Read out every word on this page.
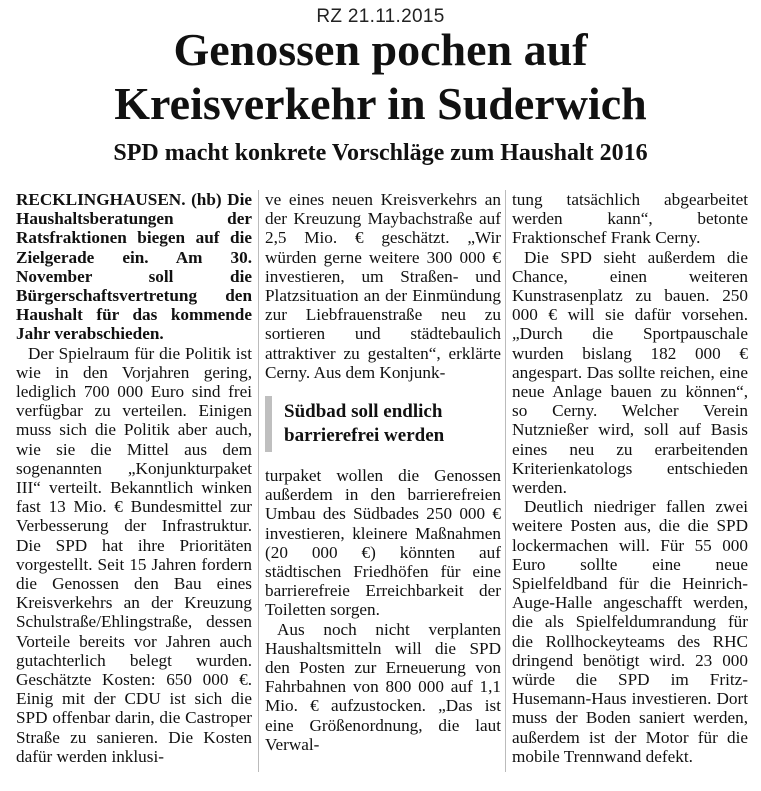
RZ 21.11.2015
Genossen pochen auf
Kreisverkehr in Suderwich
SPD macht konkrete Vorschläge zum Haushalt 2016

RECKLINGHAUSEN. (hb) Die Haushaltsberatungen der Ratsfraktionen biegen auf die Zielgerade ein. Am 30. November soll die Bürgerschaftsvertretung den Haushalt für das kommende Jahr verabschieden.

Der Spielraum für die Politik ist wie in den Vorjahren gering, lediglich 700 000 Euro sind frei verfügbar zu verteilen. Einigen muss sich die Politik aber auch, wie sie die Mittel aus dem sogenannten „Konjunkturpaket III“ verteilt. Bekanntlich winken fast 13 Mio. € Bundesmittel zur Verbesserung der Infrastruktur. Die SPD hat ihre Prioritäten vorgestellt. Seit 15 Jahren fordern die Genossen den Bau eines Kreisverkehrs an der Kreuzung Schulstraße/Ehlingstraße, dessen Vorteile bereits vor Jahren auch gutachterlich belegt wurden. Geschätzte Kosten: 650 000 €. Einig mit der CDU ist sich die SPD offenbar darin, die Castroper Straße zu sanieren. Die Kosten dafür werden inklusi-

ve eines neuen Kreisverkehrs an der Kreuzung Maybachstraße auf 2,5 Mio. € geschätzt. „Wir würden gerne weitere 300 000 € investieren, um Straßen- und Platzsituation an der Einmündung zur Liebfrauenstraße neu zu sortieren und städtebaulich attraktiver zu gestalten“, erklärte Cerny. Aus dem Konjunk-

Südbad soll endlich barrierefrei werden

turpaket wollen die Genossen außerdem in den barrierefreien Umbau des Südbades 250 000 € investieren, kleinere Maßnahmen (20 000 €) könnten auf städtischen Friedhöfen für eine barrierefreie Erreichbarkeit der Toiletten sorgen.

Aus noch nicht verplanten Haushaltsmitteln will die SPD den Posten zur Erneuerung von Fahrbahnen von 800 000 auf 1,1 Mio. € aufzustocken. „Das ist eine Größenordnung, die laut Verwal-

tung tatsächlich abgearbeitet werden kann“, betonte Fraktionschef Frank Cerny.

Die SPD sieht außerdem die Chance, einen weiteren Kunstrasenplatz zu bauen. 250 000 € will sie dafür vorsehen. „Durch die Sportpauschale wurden bislang 182 000 € angespart. Das sollte reichen, eine neue Anlage bauen zu können“, so Cerny. Welcher Verein Nutznießer wird, soll auf Basis eines neu zu erarbeitenden Kriterienkatologs entschieden werden.

Deutlich niedriger fallen zwei weitere Posten aus, die die SPD lockermachen will. Für 55 000 Euro sollte eine neue Spielfeldband für die Heinrich-Auge-Halle angeschafft werden, die als Spielfeldumrandung für die Rollhockeyteams des RHC dringend benötigt wird. 23 000 würde die SPD im Fritz-Husemann-Haus investieren. Dort muss der Boden saniert werden, außerdem ist der Motor für die mobile Trennwand defekt.
